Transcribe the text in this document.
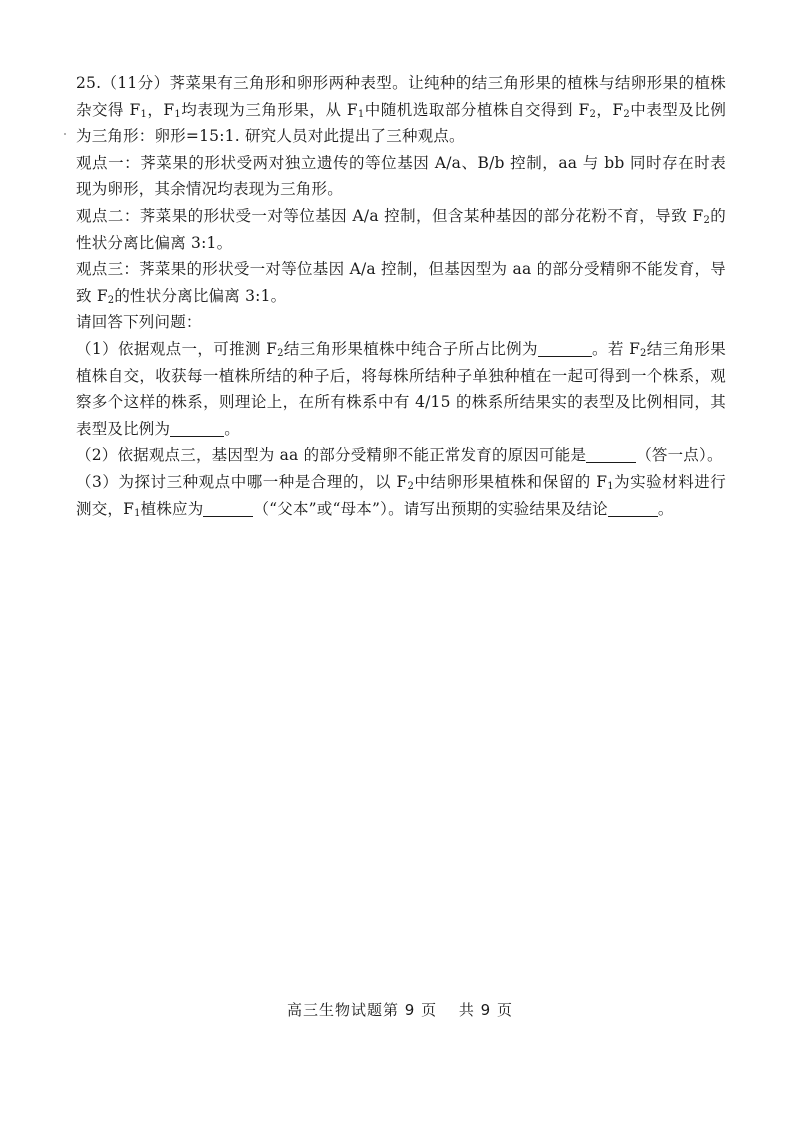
25.（11分）荠菜果有三角形和卵形两种表型。让纯种的结三角形果的植株与结卵形果的植株杂交得 $F_1$，$F_1$均表现为三角形果，从 $F_1$中随机选取部分植株自交得到 $F_2$，$F_2$中表型及比例为三角形：卵形=15:1. 研究人员对此提出了三种观点。

观点一：荠菜果的形状受两对独立遗传的等位基因 A/a、B/b 控制，aa 与 bb 同时存在时表现为卵形，其余情况均表现为三角形。

观点二：荠菜果的形状受一对等位基因 A/a 控制，但含某种基因的部分花粉不育，导致 $F_2$的性状分离比偏离 3:1。

观点三：荠菜果的形状受一对等位基因 A/a 控制，但基因型为 aa 的部分受精卵不能发育，导致 $F_2$的性状分离比偏离 3:1。

请回答下列问题：

（1）依据观点一，可推测 $F_2$结三角形果植株中纯合子所占比例为	。若 $F_2$结三角形果植株自交，收获每一植株所结的种子后，将每株所结种子单独种植在一起可得到一个株系，观察多个这样的株系，则理论上，在所有株系中有 4/15 的株系所结果实的表型及比例相同，其表型及比例为	。

（2）依据观点三，基因型为 aa 的部分受精卵不能正常发育的原因可能是	（答一点）。

（3）为探讨三种观点中哪一种是合理的，以 $F_2$中结卵形果植株和保留的 $F_1$为实验材料进行测交，$F_1$植株应为	（“父本”或“母本”）。请写出预期的实验结果及结论	。

高三生物试题第 9 页 共 9 页
